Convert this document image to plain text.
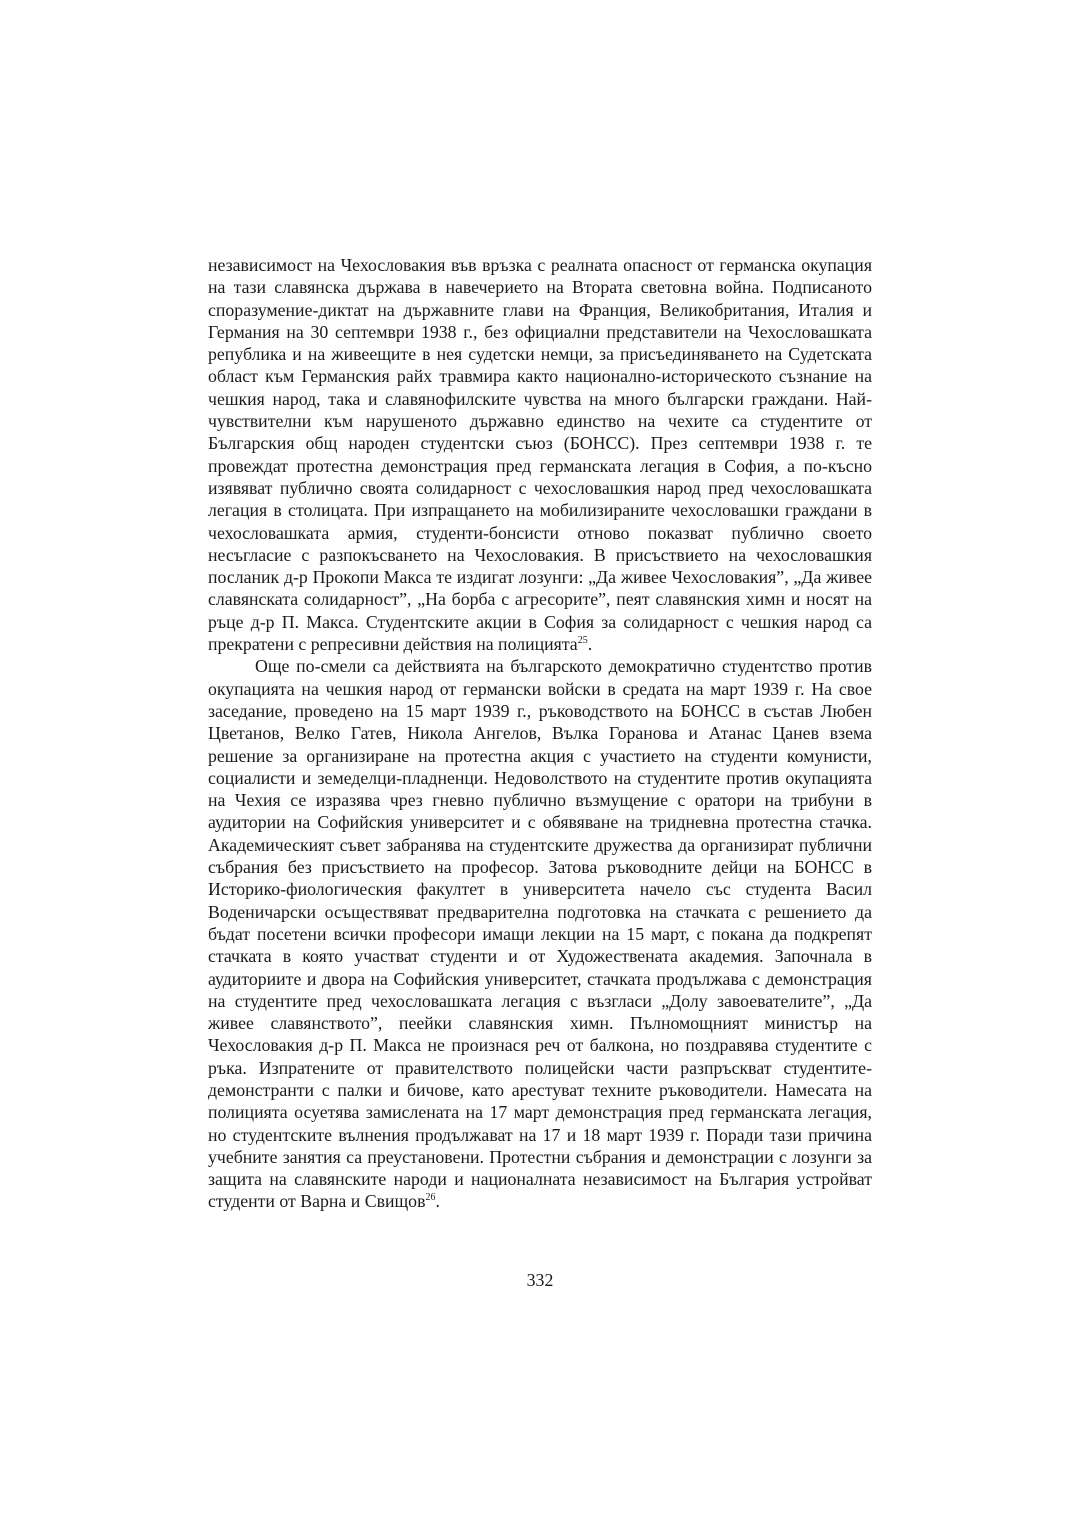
независимост на Чехословакия във връзка с реалната опасност от германска окупация на тази славянска държава в навечерието на Втората световна война. Подписаното споразумение-диктат на държавните глави на Франция, Великобритания, Италия и Германия на 30 септември 1938 г., без официални представители на Чехословашката република и на живеещите в нея судетски немци, за присъединяването на Судетската област към Германския райх травмира както национално-историческото съзнание на чешкия народ, така и славянофилските чувства на много български граждани. Най-чувствителни към нарушеното държавно единство на чехите са студентите от Българския общ народен студентски съюз (БОНСС). През септември 1938 г. те провеждат протестна демонстрация пред германската легация в София, а по-късно изявяват публично своята солидарност с чехословашкия народ пред чехословашката легация в столицата. При изпращането на мобилизираните чехословашки граждани в чехословашката армия, студенти-бонсисти отново показват публично своето несъгласие с разпокъсването на Чехословакия. В присъствието на чехословашкия посланик д-р Прокопи Макса те издигат лозунги: „Да живее Чехословакия”, „Да живее славянската солидарност”, „На борба с агресорите”, пеят славянския химн и носят на ръце д-р П. Макса. Студентските акции в София за солидарност с чешкия народ са прекратени с репресивни действия на полицията$^{25}$.

Още по-смели са действията на българското демократично студентство против окупацията на чешкия народ от германски войски в средата на март 1939 г. На свое заседание, проведено на 15 март 1939 г., ръководството на БОНСС в състав Любен Цветанов, Велко Гатев, Никола Ангелов, Вълка Горанова и Атанас Цанев взема решение за организиране на протестна акция с участието на студенти комунисти, социалисти и земеделци-пладненци. Недоволството на студентите против окупацията на Чехия се изразява чрез гневно публично възмущение с оратори на трибуни в аудитории на Софийския университет и с обявяване на тридневна протестна стачка. Академическият съвет забранява на студентските дружества да организират публични събрания без присъствието на професор. Затова ръководните дейци на БОНСС в Историко-фиологическия факултет в университета начело със студента Васил Воденичарски осъществяват предварителна подготовка на стачката с решението да бъдат посетени всички професори имащи лекции на 15 март, с покана да подкрепят стачката в която участват студенти и от Художествената академия. Започнала в аудиториите и двора на Софийския университет, стачката продължава с демонстрация на студентите пред чехословашката легация с възгласи „Долу завоевателите”, „Да живее славянството”, пеейки славянския химн. Пълномощният министър на Чехословакия д-р П. Макса не произнася реч от балкона, но поздравява студентите с ръка. Изпратените от правителството полицейски части разпръскват студентите-демонстранти с палки и бичове, като арестуват техните ръководители. Намесата на полицията осуетява замислената на 17 март демонстрация пред германската легация, но студентските вълнения продължават на 17 и 18 март 1939 г. Поради тази причина учебните занятия са преустановени. Протестни събрания и демонстрации с лозунги за защита на славянските народи и националната независимост на България устройват студенти от Варна и Свищов$^{26}$.

332
